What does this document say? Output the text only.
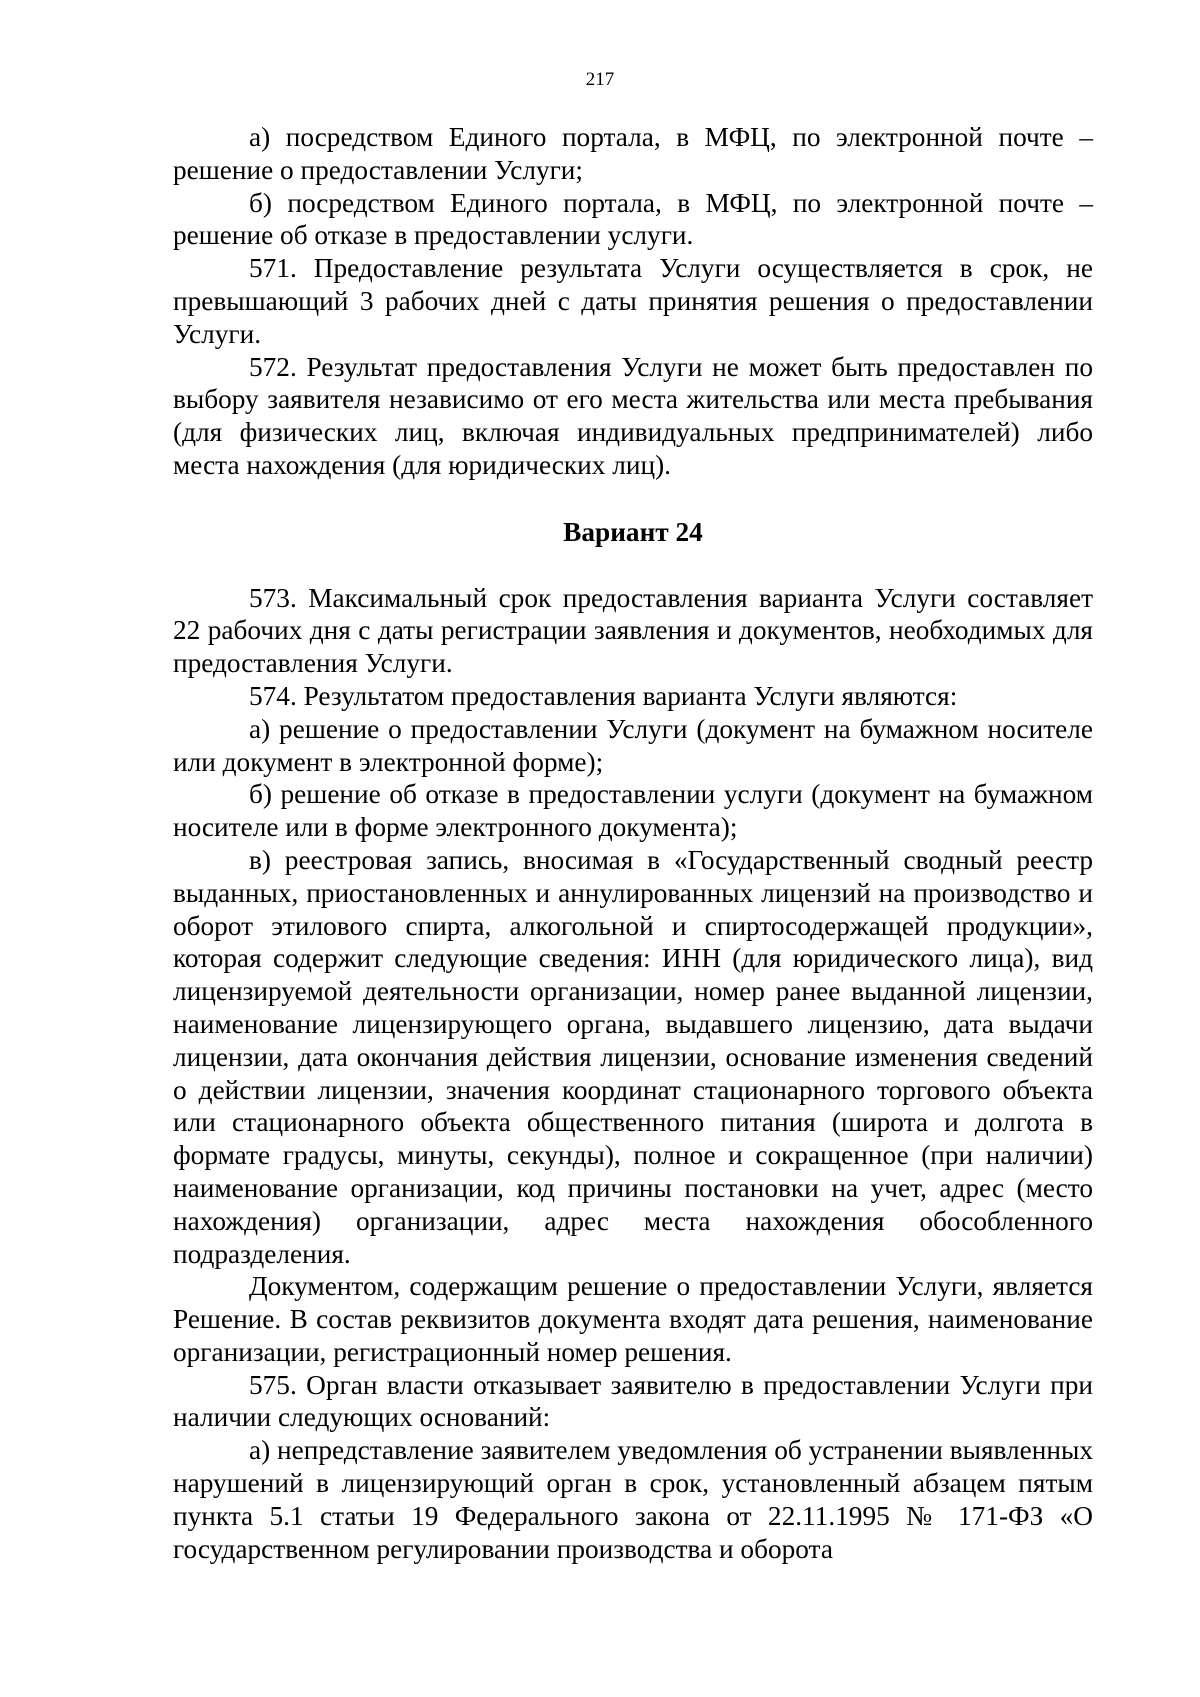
217

а) посредством Единого портала, в МФЦ, по электронной почте – решение о предоставлении Услуги;

б) посредством Единого портала, в МФЦ, по электронной почте – решение об отказе в предоставлении услуги.

571. Предоставление результата Услуги осуществляется в срок, не превышающий 3 рабочих дней с даты принятия решения о предоставлении Услуги.

572. Результат предоставления Услуги не может быть предоставлен по выбору заявителя независимо от его места жительства или места пребывания (для физических лиц, включая индивидуальных предпринимателей) либо места нахождения (для юридических лиц).

Вариант 24

573. Максимальный срок предоставления варианта Услуги составляет 22 рабочих дня с даты регистрации заявления и документов, необходимых для предоставления Услуги.

574. Результатом предоставления варианта Услуги являются:

а) решение о предоставлении Услуги (документ на бумажном носителе или документ в электронной форме);

б) решение об отказе в предоставлении услуги (документ на бумажном носителе или в форме электронного документа);

в) реестровая запись, вносимая в «Государственный сводный реестр выданных, приостановленных и аннулированных лицензий на производство и оборот этилового спирта, алкогольной и спиртосодержащей продукции», которая содержит следующие сведения: ИНН (для юридического лица), вид лицензируемой деятельности организации, номер ранее выданной лицензии, наименование лицензирующего органа, выдавшего лицензию, дата выдачи лицензии, дата окончания действия лицензии, основание изменения сведений о действии лицензии, значения координат стационарного торгового объекта или стационарного объекта общественного питания (широта и долгота в формате градусы, минуты, секунды), полное и сокращенное (при наличии) наименование организации, код причины постановки на учет, адрес (место нахождения) организации, адрес места нахождения обособленного подразделения.

Документом, содержащим решение о предоставлении Услуги, является Решение. В состав реквизитов документа входят дата решения, наименование организации, регистрационный номер решения.

575. Орган власти отказывает заявителю в предоставлении Услуги при наличии следующих оснований:

а) непредставление заявителем уведомления об устранении выявленных нарушений в лицензирующий орган в срок, установленный абзацем пятым пункта 5.1 статьи 19 Федерального закона от 22.11.1995 № 171-ФЗ «О государственном регулировании производства и оборота
